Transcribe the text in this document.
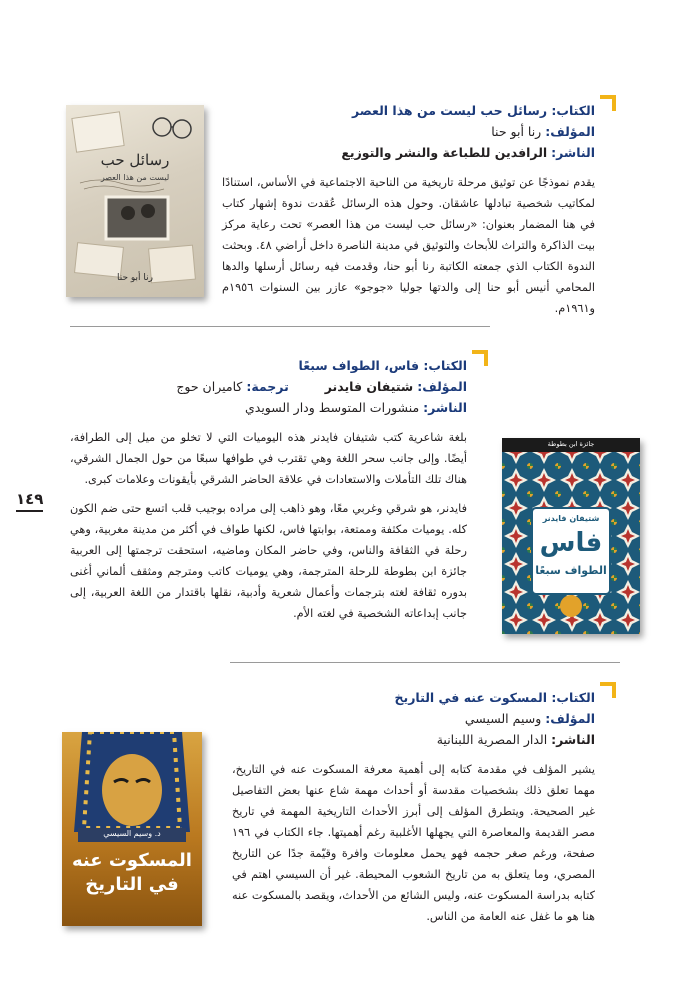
الكتاب: رسائل حب ليست من هذا العصر
المؤلف: رنا أبو حنا
الناشر: الرافدين للطباعة والنشر والتوزيع

يقدم نموذجًا عن توثيق مرحلة تاريخية من الناحية الاجتماعية في الأساس، استنادًا لمكاتيب شخصية تبادلها عاشقان. وحول هذه الرسائل عُقدت ندوة إشهار كتاب في هنا المضمار بعنوان: «رسائل حب ليست من هذا العصر» تحت رعاية مركز بيت الذاكرة والتراث للأبحاث والتوثيق في مدينة الناصرة داخل أراضي ٤٨. وبحثت الندوة الكتاب الذي جمعته الكاتبة رنا أبو حنا، وقدمت فيه رسائل أرسلها والدها المحامي أنيس أبو حنا إلى والدتها جوليا «جوجو» عازر بين السنوات ١٩٥٦م و١٩٦١م.

رسائل حب
ليست من هذا العصر
رنا أبو حنا
الكتاب: فاس، الطواف سبعًا
المؤلف: شتيفان فايدنر  ترجمة: كاميران حوج
الناشر: منشورات المتوسط ودار السويدي

بلغة شاعرية كتب شتيفان فايدنر هذه اليوميات التي لا تخلو من ميل إلى الطرافة، أيضًا. وإلى جانب سحر اللغة وهي تقترب في طوافها سبعًا من حول الجمال الشرقي، هناك تلك التأملات والاستعادات في علاقة الحاضر الشرقي بأيقونات وعلامات كبرى.

فايدنر، هو شرقي وغربي معًا، وهو ذاهب إلى مراده بوجيب قلب اتسع حتى ضم الكون كله. يوميات مكثفة وممتعة، بوابتها فاس، لكنها طواف في أكثر من مدينة مغربية، وهي رحلة في الثقافة والناس، وفي حاضر المكان وماضيه، استحقت ترجمتها إلى العربية جائزة ابن بطوطة للرحلة المترجمة، وهي يوميات كاتب ومترجم ومثقف ألماني أغنى بدوره ثقافة لغته بترجمات وأعمال شعرية وأدبية، نقلها باقتدار من اللغة العربية، إلى جانب إبداعاته الشخصية في لغته الأم.

جائزة ابن بطوطة
شتيفان فايدنر
فاس
الطواف سبعًا
١٤٩
الكتاب: المسكوت عنه في التاريخ
المؤلف: وسيم السيسي
الناشر: الدار المصرية اللبنانية

يشير المؤلف في مقدمة كتابه إلى أهمية معرفة المسكوت عنه في التاريخ، مهما تعلق ذلك بشخصيات مقدسة أو أحداث مهمة شاع عنها بعض التفاصيل غير الصحيحة. ويتطرق المؤلف إلى أبرز الأحداث التاريخية المهمة في تاريخ مصر القديمة والمعاصرة التي يجهلها الأغلبية رغم أهميتها. جاء الكتاب في ١٩٦ صفحة، ورغم صغر حجمه فهو يحمل معلومات وافرة وقيّمة جدًا عن التاريخ المصري، وما يتعلق به من تاريخ الشعوب المحيطة. غير أن السيسي اهتم في كتابه بدراسة المسكوت عنه، وليس الشائع من الأحداث، ويقصد بالمسكوت عنه هنا هو ما غفل عنه العامة من الناس.

د. وسيم السيسي
المسكوت عنه
في التاريخ
